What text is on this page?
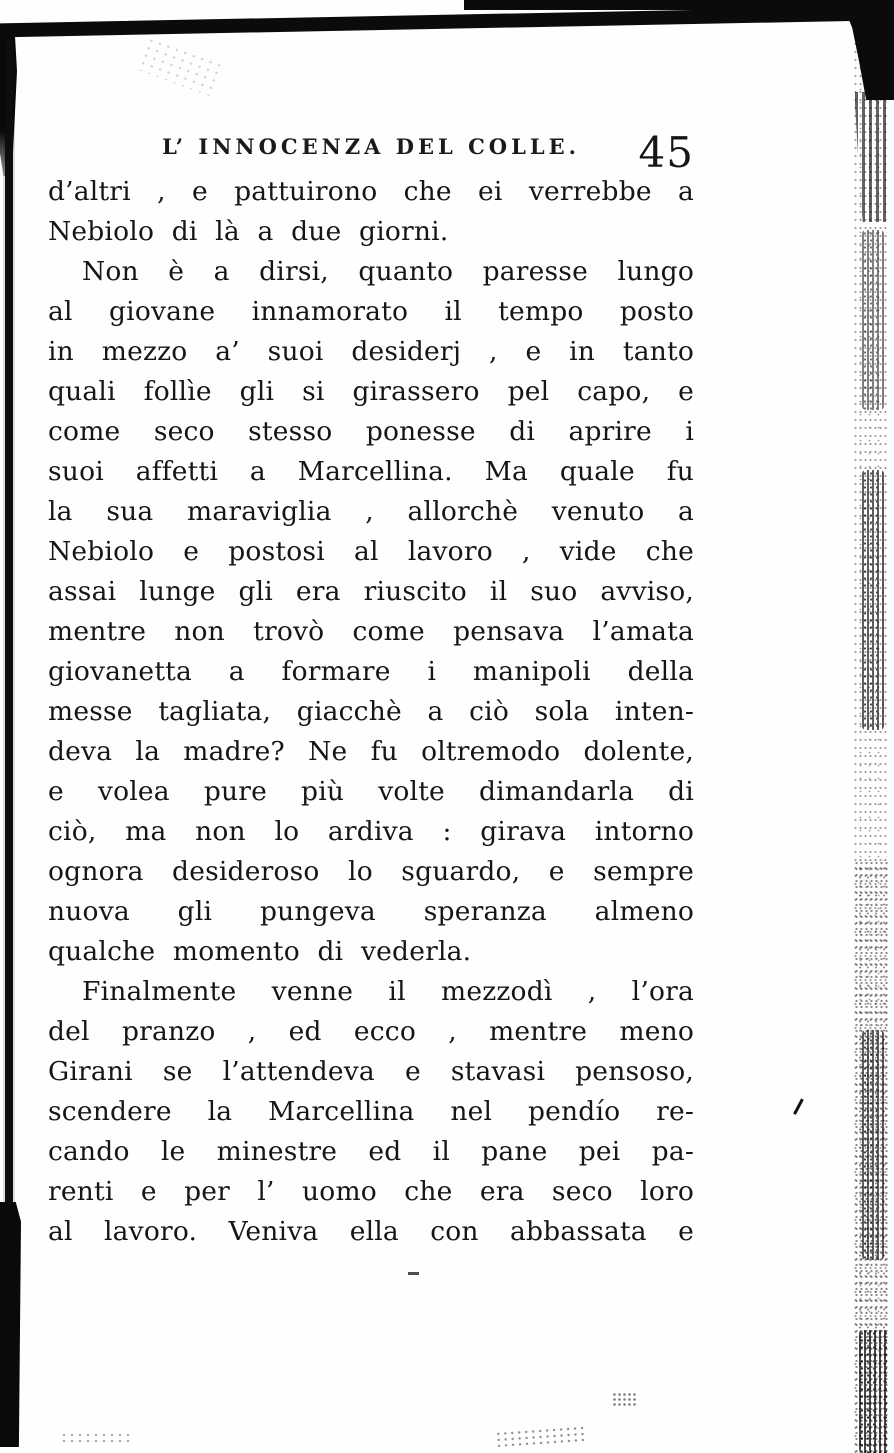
L’ INNOCENZA DEL COLLE. 45
d’altri , e pattuirono che ei verrebbe a
Nebiolo di là a due giorni.
Non è a dirsi, quanto paresse lungo
al giovane innamorato il tempo posto
in mezzo a’ suoi desiderj , e in tanto
quali follìe gli si girassero pel capo, e
come seco stesso ponesse di aprire i
suoi affetti a Marcellina. Ma quale fu
la sua maraviglia , allorchè venuto a
Nebiolo e postosi al lavoro , vide che
assai lunge gli era riuscito il suo avviso,
mentre non trovò come pensava l’amata
giovanetta a formare i manipoli della
messe tagliata, giacchè a ciò sola inten-
deva la madre? Ne fu oltremodo dolente,
e volea pure più volte dimandarla di
ciò, ma non lo ardiva : girava intorno
ognora desideroso lo sguardo, e sempre
nuova gli pungeva speranza almeno
qualche momento di vederla.
Finalmente venne il mezzodì , l’ora
del pranzo , ed ecco , mentre meno
Girani se l’attendeva e stavasi pensoso,
scendere la Marcellina nel pendío re-
cando le minestre ed il pane pei pa-
renti e per l’ uomo che era seco loro
al lavoro. Veniva ella con abbassata e
